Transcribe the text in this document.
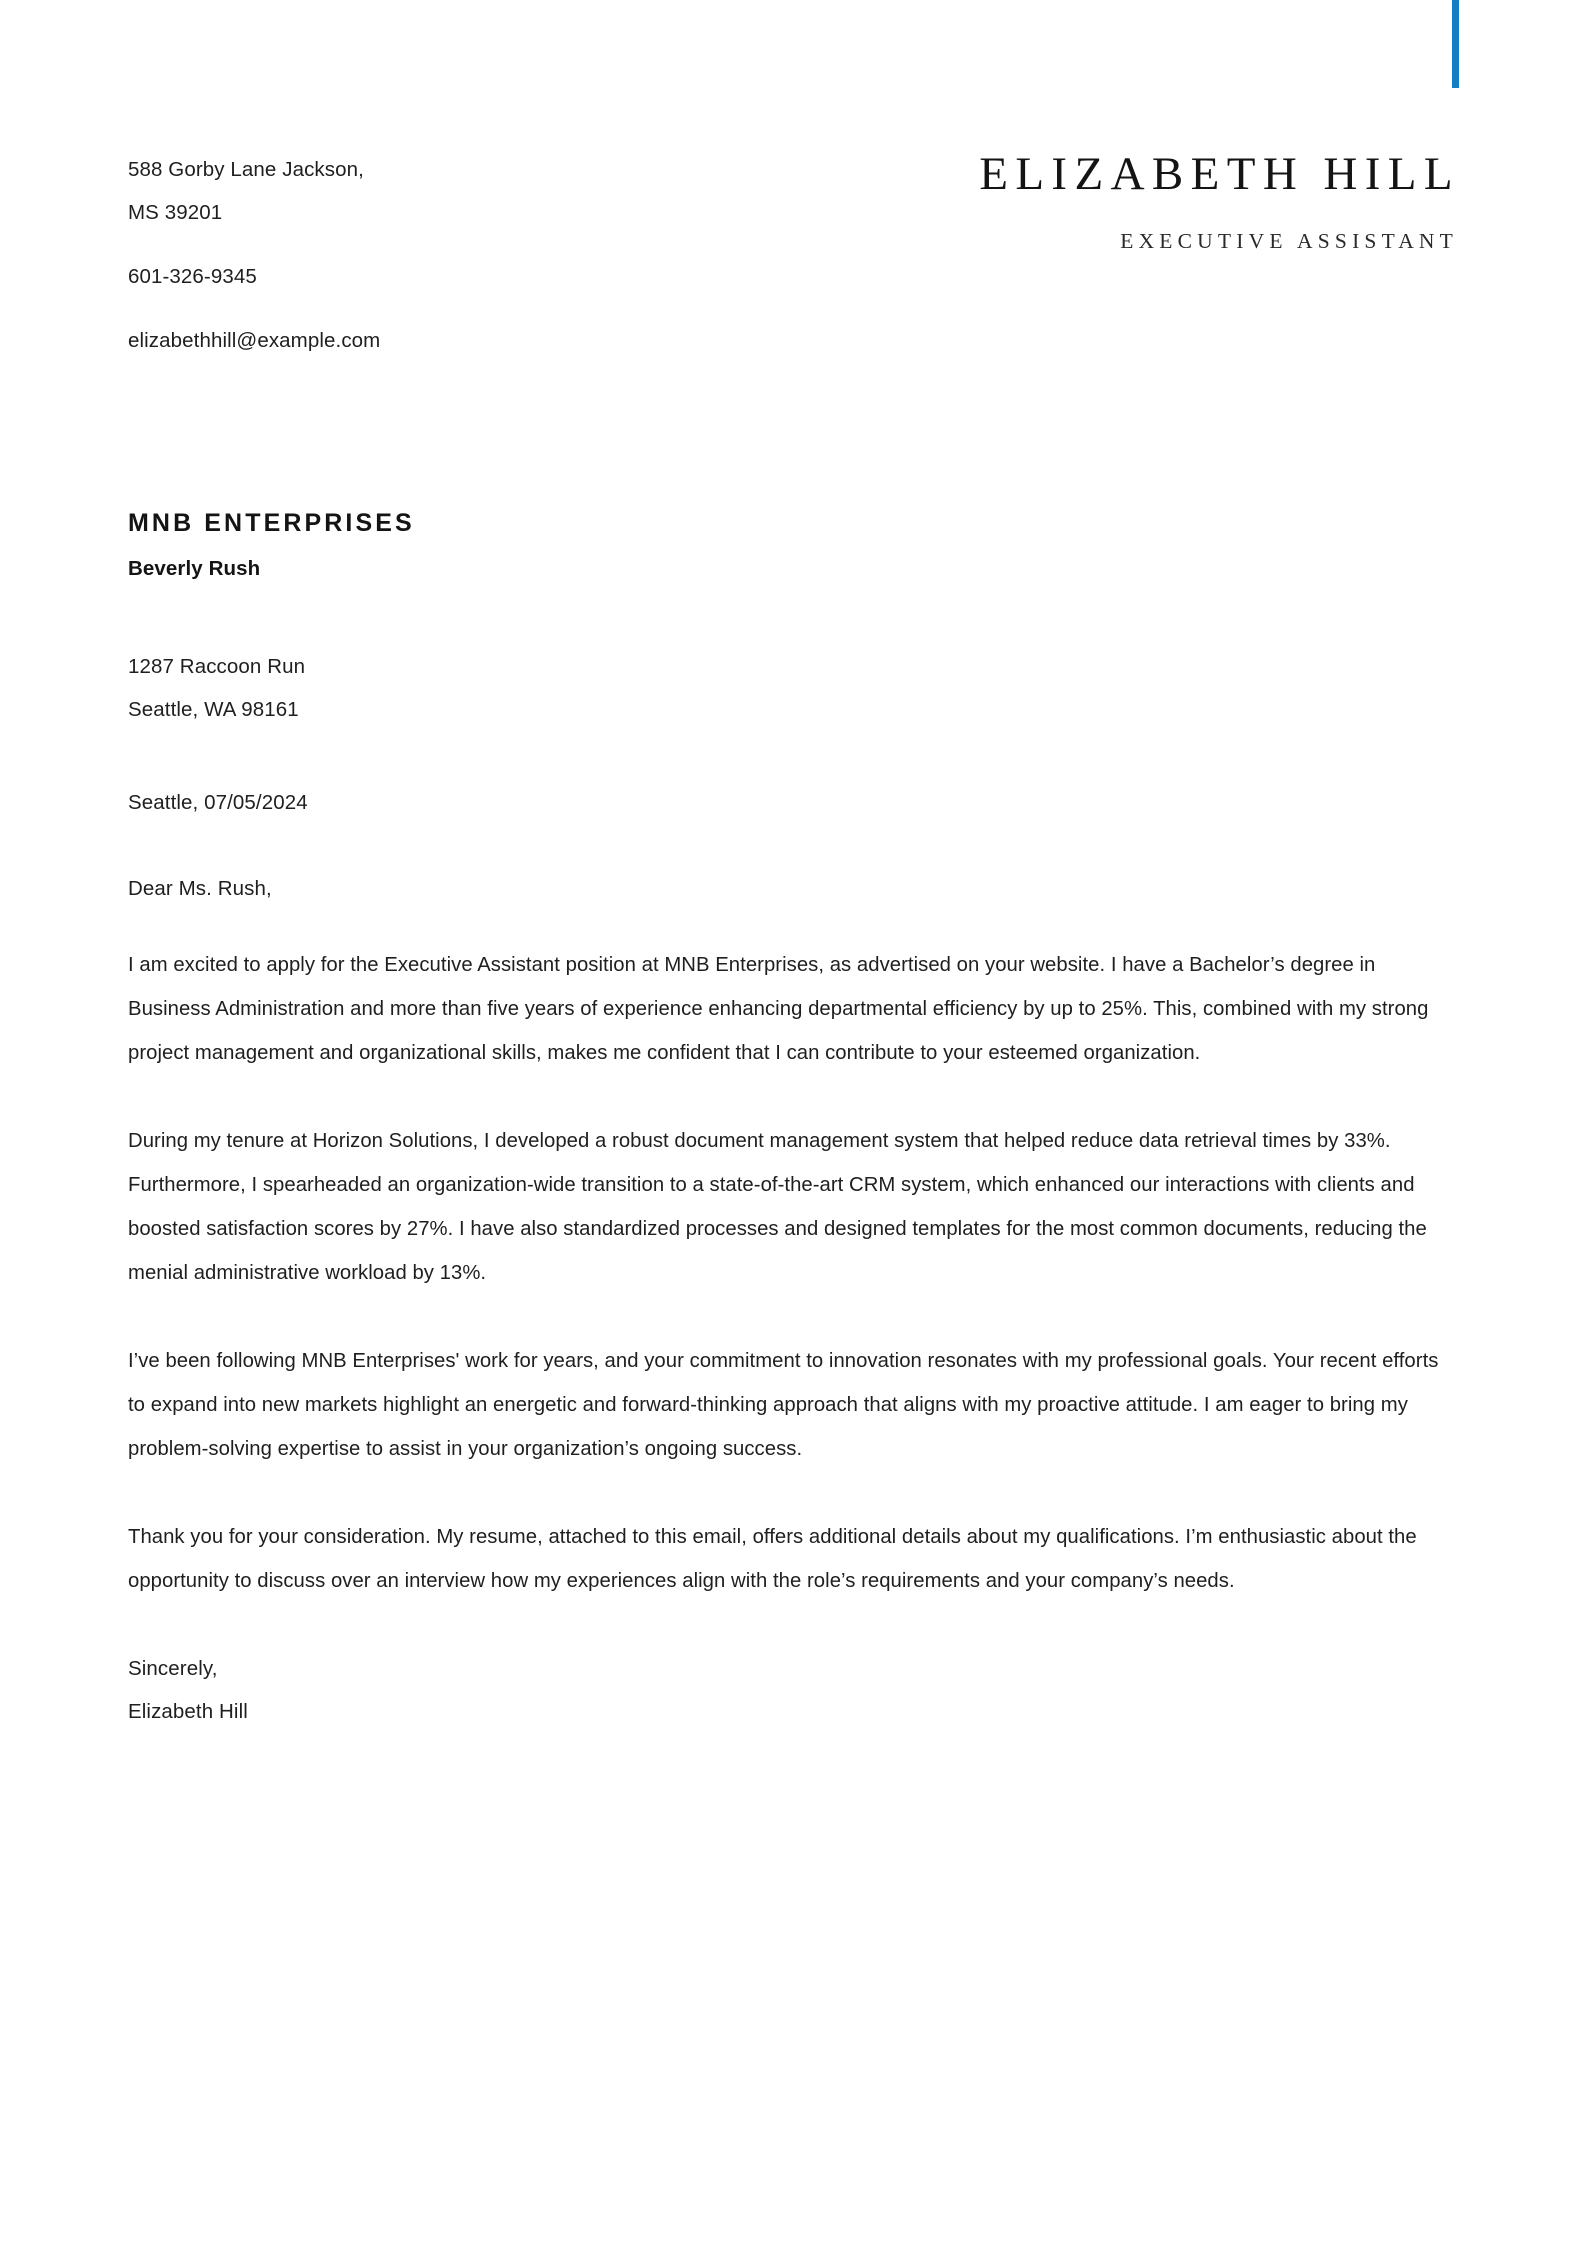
588 Gorby Lane Jackson,
MS 39201
601-326-9345
elizabethhill@example.com
ELIZABETH HILL
EXECUTIVE ASSISTANT
MNB ENTERPRISES
Beverly Rush
1287 Raccoon Run
Seattle, WA 98161
Seattle, 07/05/2024
Dear Ms. Rush,

I am excited to apply for the Executive Assistant position at MNB Enterprises, as advertised on your website. I have a Bachelor’s degree in Business Administration and more than five years of experience enhancing departmental efficiency by up to 25%. This, combined with my strong project management and organizational skills, makes me confident that I can contribute to your esteemed organization.

During my tenure at Horizon Solutions, I developed a robust document management system that helped reduce data retrieval times by 33%. Furthermore, I spearheaded an organization-wide transition to a state-of-the-art CRM system, which enhanced our interactions with clients and boosted satisfaction scores by 27%. I have also standardized processes and designed templates for the most common documents, reducing the menial administrative workload by 13%.

I’ve been following MNB Enterprises' work for years, and your commitment to innovation resonates with my professional goals. Your recent efforts to expand into new markets highlight an energetic and forward-thinking approach that aligns with my proactive attitude. I am eager to bring my problem-solving expertise to assist in your organization’s ongoing success.

Thank you for your consideration. My resume, attached to this email, offers additional details about my qualifications. I’m enthusiastic about the opportunity to discuss over an interview how my experiences align with the role’s requirements and your company’s needs.

Sincerely,
Elizabeth Hill
